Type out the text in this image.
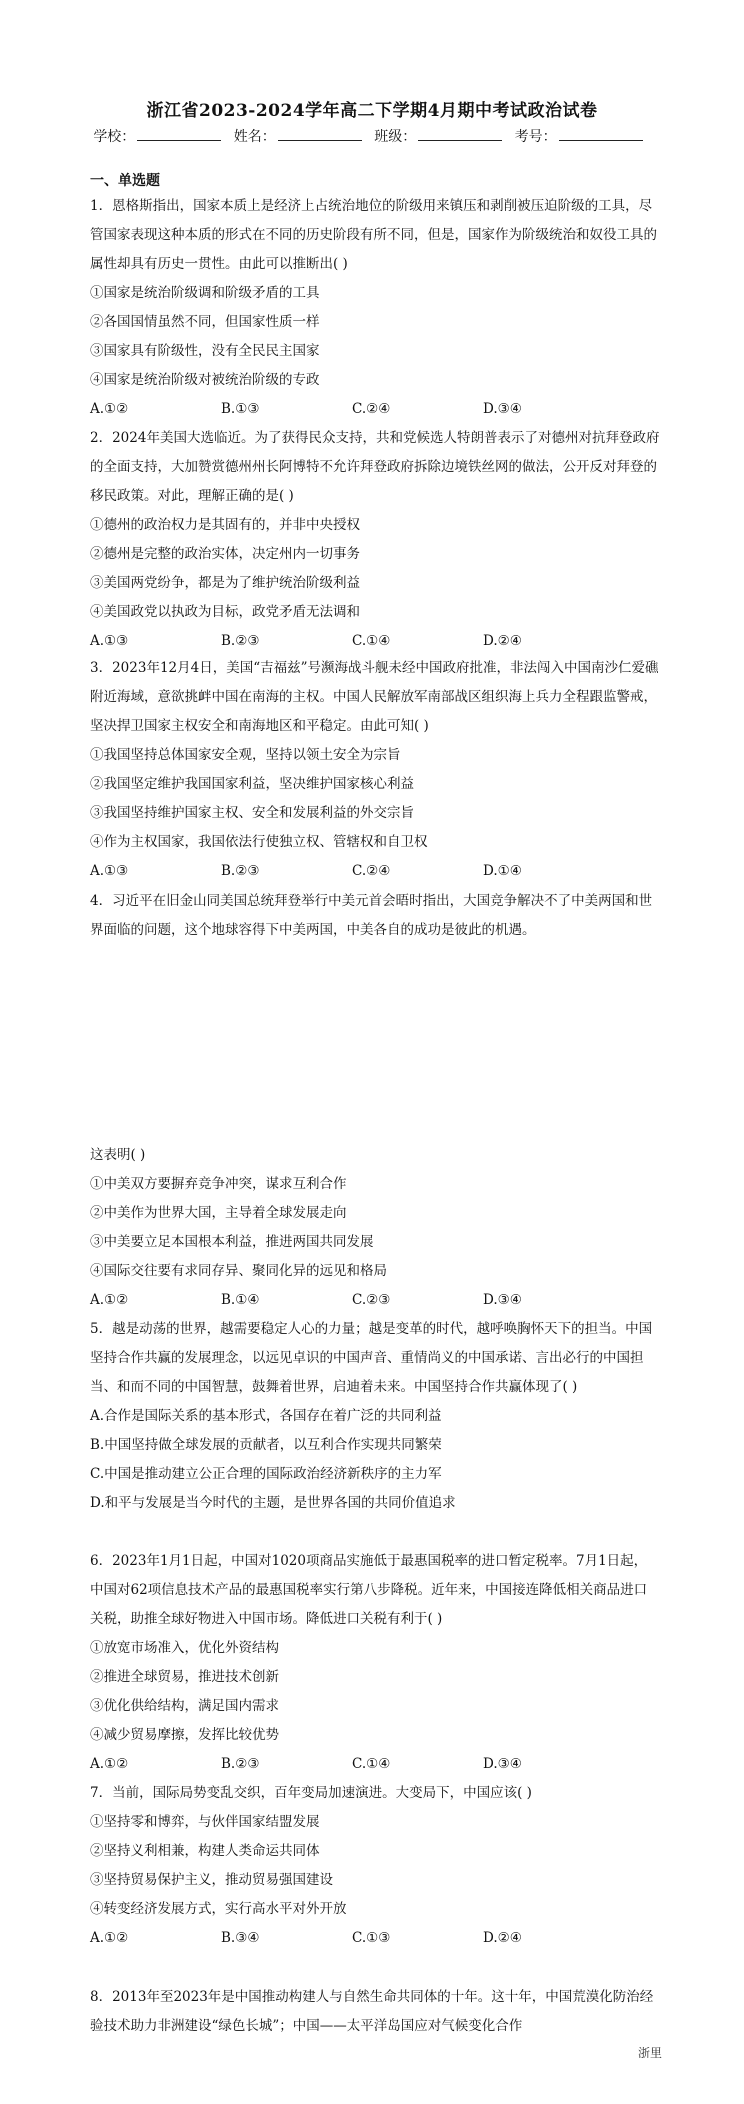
浙江省2023-2024学年高二下学期4月期中考试政治试卷
学校：	姓名：	班级：	考号：
一、单选题

1．恩格斯指出，国家本质上是经济上占统治地位的阶级用来镇压和剥削被压迫阶级的工具，尽管国家表现这种本质的形式在不同的历史阶段有所不同，但是，国家作为阶级统治和奴役工具的属性却具有历史一贯性。由此可以推断出( )

①国家是统治阶级调和阶级矛盾的工具

②各国国情虽然不同，但国家性质一样

③国家具有阶级性，没有全民民主国家

④国家是统治阶级对被统治阶级的专政

A.①②	B.①③	C.②④	D.③④

2．2024年美国大选临近。为了获得民众支持，共和党候选人特朗普表示了对德州对抗拜登政府的全面支持，大加赞赏德州州长阿博特不允许拜登政府拆除边境铁丝网的做法，公开反对拜登的移民政策。对此，理解正确的是( )

①德州的政治权力是其固有的，并非中央授权

②德州是完整的政治实体，决定州内一切事务

③美国两党纷争，都是为了维护统治阶级利益

④美国政党以执政为目标，政党矛盾无法调和

A.①③	B.②③	C.①④	D.②④

3．2023年12月4日，美国“吉福兹”号濒海战斗舰未经中国政府批准，非法闯入中国南沙仁爱礁附近海域，意欲挑衅中国在南海的主权。中国人民解放军南部战区组织海上兵力全程跟监警戒，坚决捍卫国家主权安全和南海地区和平稳定。由此可知( )

①我国坚持总体国家安全观，坚持以领土安全为宗旨

②我国坚定维护我国国家利益，坚决维护国家核心利益

③我国坚持维护国家主权、安全和发展利益的外交宗旨

④作为主权国家，我国依法行使独立权、管辖权和自卫权

A.①③	B.②③	C.②④	D.①④

4．习近平在旧金山同美国总统拜登举行中美元首会晤时指出，大国竞争解决不了中美两国和世界面临的问题，这个地球容得下中美两国，中美各自的成功是彼此的机遇。

这表明( )

①中美双方要摒弃竞争冲突，谋求互利合作

②中美作为世界大国，主导着全球发展走向

③中美要立足本国根本利益，推进两国共同发展

④国际交往要有求同存异、聚同化异的远见和格局

A.①②	B.①④	C.②③	D.③④

5．越是动荡的世界，越需要稳定人心的力量；越是变革的时代，越呼唤胸怀天下的担当。中国坚持合作共赢的发展理念，以远见卓识的中国声音、重情尚义的中国承诺、言出必行的中国担当、和而不同的中国智慧，鼓舞着世界，启迪着未来。中国坚持合作共赢体现了( )

A.合作是国际关系的基本形式，各国存在着广泛的共同利益

B.中国坚持做全球发展的贡献者，以互利合作实现共同繁荣

C.中国是推动建立公正合理的国际政治经济新秩序的主力军

D.和平与发展是当今时代的主题，是世界各国的共同价值追求

6．2023年1月1日起，中国对1020项商品实施低于最惠国税率的进口暂定税率。7月1日起，中国对62项信息技术产品的最惠国税率实行第八步降税。近年来，中国接连降低相关商品进口关税，助推全球好物进入中国市场。降低进口关税有利于( )

①放宽市场准入，优化外资结构

②推进全球贸易，推进技术创新

③优化供给结构，满足国内需求

④减少贸易摩擦，发挥比较优势

A.①②	B.②③	C.①④	D.③④

7．当前，国际局势变乱交织，百年变局加速演进。大变局下，中国应该( )

①坚持零和博弈，与伙伴国家结盟发展

②坚持义利相兼，构建人类命运共同体

③坚持贸易保护主义，推动贸易强国建设

④转变经济发展方式，实行高水平对外开放

A.①②	B.③④	C.①③	D.②④

8．2013年至2023年是中国推动构建人与自然生命共同体的十年。这十年，中国荒漠化防治经验技术助力非洲建设“绿色长城”；中国——太平洋岛国应对气候变化合作

浙里
